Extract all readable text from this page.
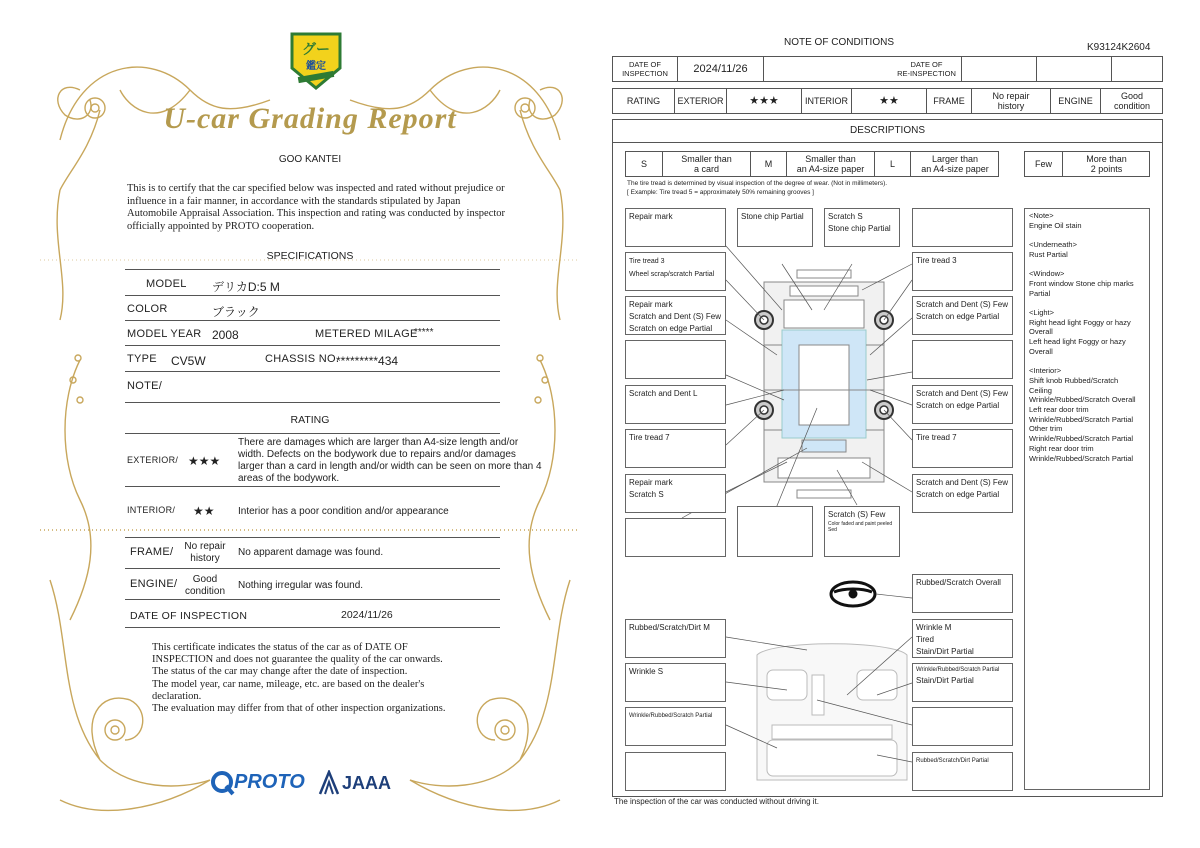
グー
鑑定
U-car Grading Report
GOO KANTEI
This is to certify that the car specified below was inspected and rated without prejudice or influence in a fair manner, in accordance with the standards stipulated by Japan Automobile Appraisal Association. This inspection and rating was conducted by inspector officially appointed by PROTO cooperation.
SPECIFICATIONS
MODEL デリカD:5 M
COLOR	ブラック
MODEL YEAR 2008	METERED MILAGE
*****
TYPE CV5W	CHASSIS NO.
*********434
NOTE/
RATING
EXTERIOR/ ★★★
There are damages which are larger than A4-size length and/or width. Defects on the bodywork due to repairs and/or damages larger than a card in length and/or width can be seen on more than 4 areas of the bodywork.
INTERIOR/ ★★ Interior has a poor condition and/or appearance
FRAME/	No repair history
No apparent damage was found.
ENGINE/	Good condition
Nothing irregular was found.
DATE OF INSPECTION	2024/11/26
This certificate indicates the status of the car as of DATE OF
INSPECTION and does not guarantee the quality of the car onwards.
The status of the car may change after the date of inspection.
The model year, car name, mileage, etc. are based on the dealer's
declaration.
The evaluation may differ from that of other inspection organizations.
PROTO JAAA
NOTE OF CONDITIONS	K93124K2604
DATE OF
INSPECTION	2024/11/26	DATE OF
RE-INSPECTION
RATING	EXTERIOR	★★★	INTERIOR	★★	FRAME	No repair
history	ENGINE	Good
condition
DESCRIPTIONS
S	Smaller than
a card	M	Smaller than
an A4-size paper	L	Larger than
an A4-size paper	Few	More than
2 points
The tire tread is determined by visual inspection of the degree of wear. (Not in millimeters).
[ Example: Tire tread 5 = approximately 50% remaining grooves ]
Repair mark
Tire tread 3
Wheel scrap/scratch Partial
Repair mark
Scratch and Dent (S) Few
Scratch on edge Partial
Scratch and Dent L
Tire tread 7
Repair mark
Scratch S
Stone chip Partial	Scratch S
Stone chip Partial
Tire tread 3
Scratch and Dent (S) Few
Scratch on edge Partial
Scratch and Dent (S) Few
Scratch on edge Partial
Tire tread 7
Scratch and Dent (S) Few
Scratch on edge Partial
Scratch (S) Few
Color faded and paint peeled
Sed
Rubbed/Scratch Overall
Rubbed/Scratch/Dirt M
Wrinkle S
Wrinkle/Rubbed/Scratch Partial
Wrinkle M
Tired
Stain/Dirt Partial
Wrinkle/Rubbed/Scratch Partial
Stain/Dirt Partial
Rubbed/Scratch/Dirt Partial
<Note>
Engine Oil stain

<Underneath>
Rust Partial

<Window>
Front window Stone chip marks Partial

<Light>
Right head light Foggy or hazy Overall
Left head light Foggy or hazy Overall

<Interior>
Shift knob Rubbed/Scratch
Ceiling
Wrinkle/Rubbed/Scratch Overall
Left rear door trim
Wrinkle/Rubbed/Scratch Partial
Other trim
Wrinkle/Rubbed/Scratch Partial
Right rear door trim
Wrinkle/Rubbed/Scratch Partial
The inspection of the car was conducted without driving it.
